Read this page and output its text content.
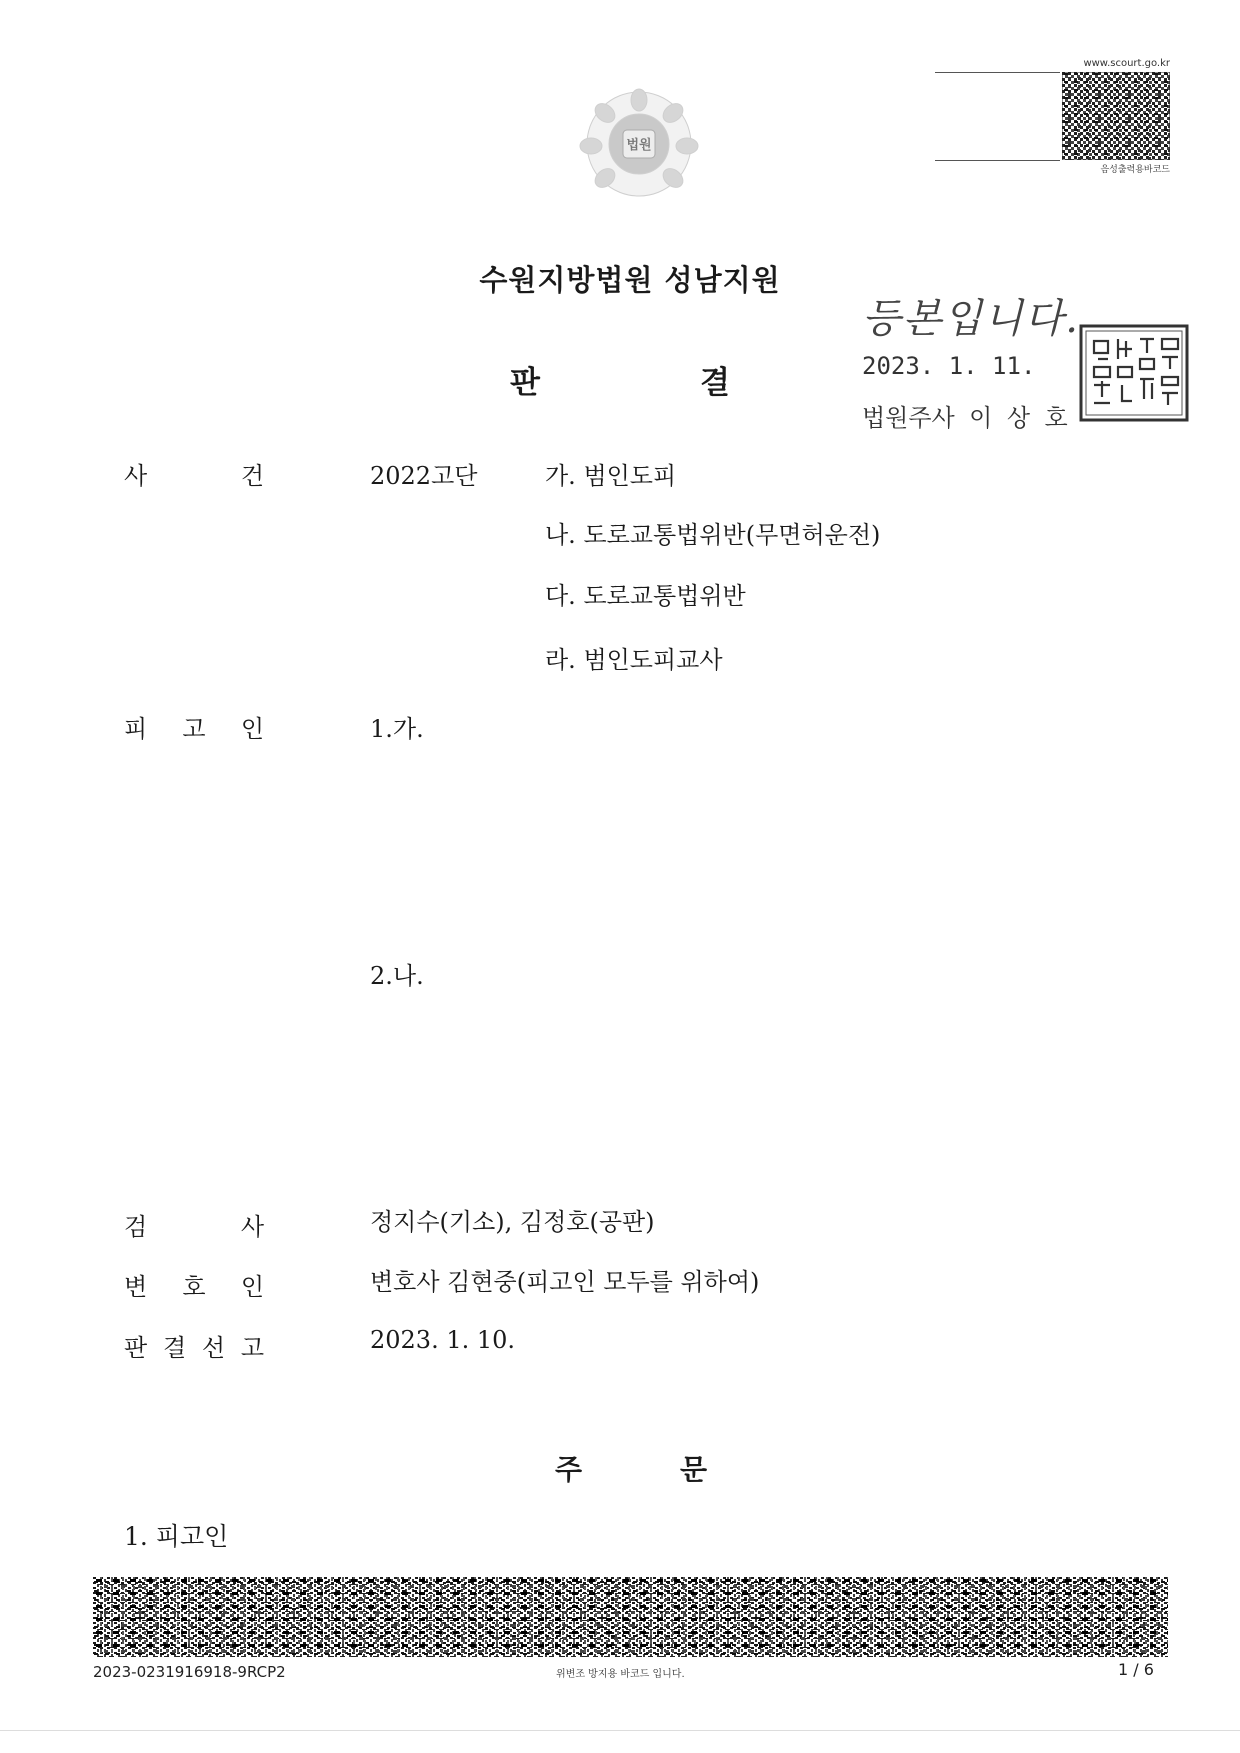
법원
www.scourt.go.kr
음성출력용바코드
수원지방법원 성남지원
판	결
등본입니다.
2023. 1. 11.
법원주사 이 상 호
사	건	2022고단	가. 범인도피
나. 도로교통법위반(무면허운전)
다. 도로교통법위반
라. 범인도피교사
피 고 인	1.가.
2.나.
검	사	정지수(기소), 김정호(공판)
변 호 인	변호사 김현중(피고인 모두를 위하여)
판 결 선 고	2023. 1. 10.
주	문
1. 피고인
2023-0231916918-9RCP2	위변조 방지용 바코드 입니다.	1 / 6
